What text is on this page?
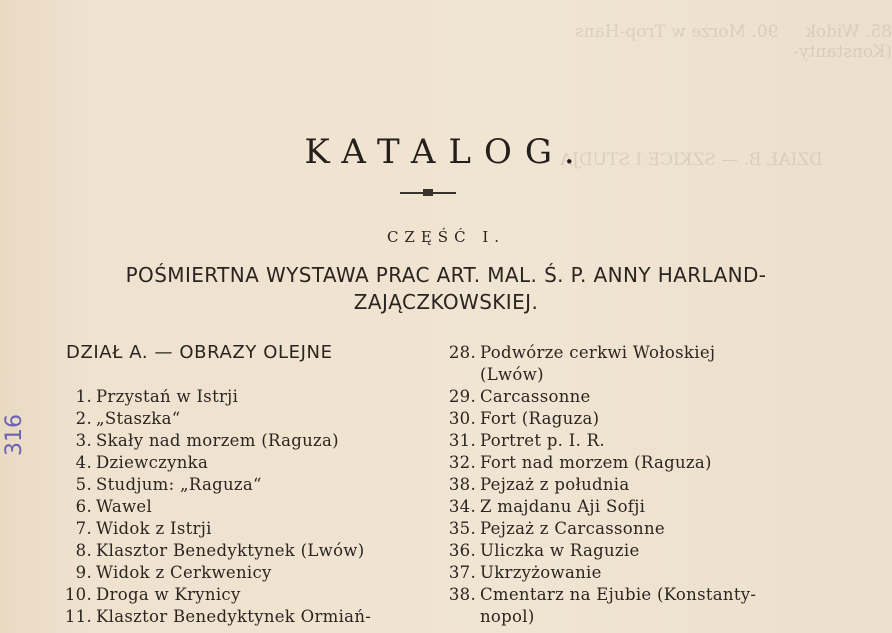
85. Widok     90. Morze w Trop-Hans (Konstanty-
DZIAŁ B. — SZKICE I STUDJA
KATALOG.
CZĘŚĆ I.
POŚMIERTNA WYSTAWA PRAC ART. MAL. Ś. P. ANNY HARLAND-
ZAJĄCZKOWSKIEJ.
DZIAŁ A. — OBRAZY OLEJNE
1. Przystań w Istrji
2. „Staszka“
3. Skały nad morzem (Raguza)
4. Dziewczynka
5. Studjum: „Raguza“
6. Wawel
7. Widok z Istrji
8. Klasztor Benedyktynek (Lwów)
9. Widok z Cerkwenicy
10. Droga w Krynicy
11. Klasztor Benedyktynek Ormiań-
28. Podwórze cerkwi Wołoskiej
(Lwów)
29. Carcassonne
30. Fort (Raguza)
31. Portret p. I. R.
32. Fort nad morzem (Raguza)
38. Pejzaż z południa
34. Z majdanu Aji Sofji
35. Pejzaż z Carcassonne
36. Uliczka w Raguzie
37. Ukrzyżowanie
38. Cmentarz na Ejubie (Konstanty-
nopol)
316
